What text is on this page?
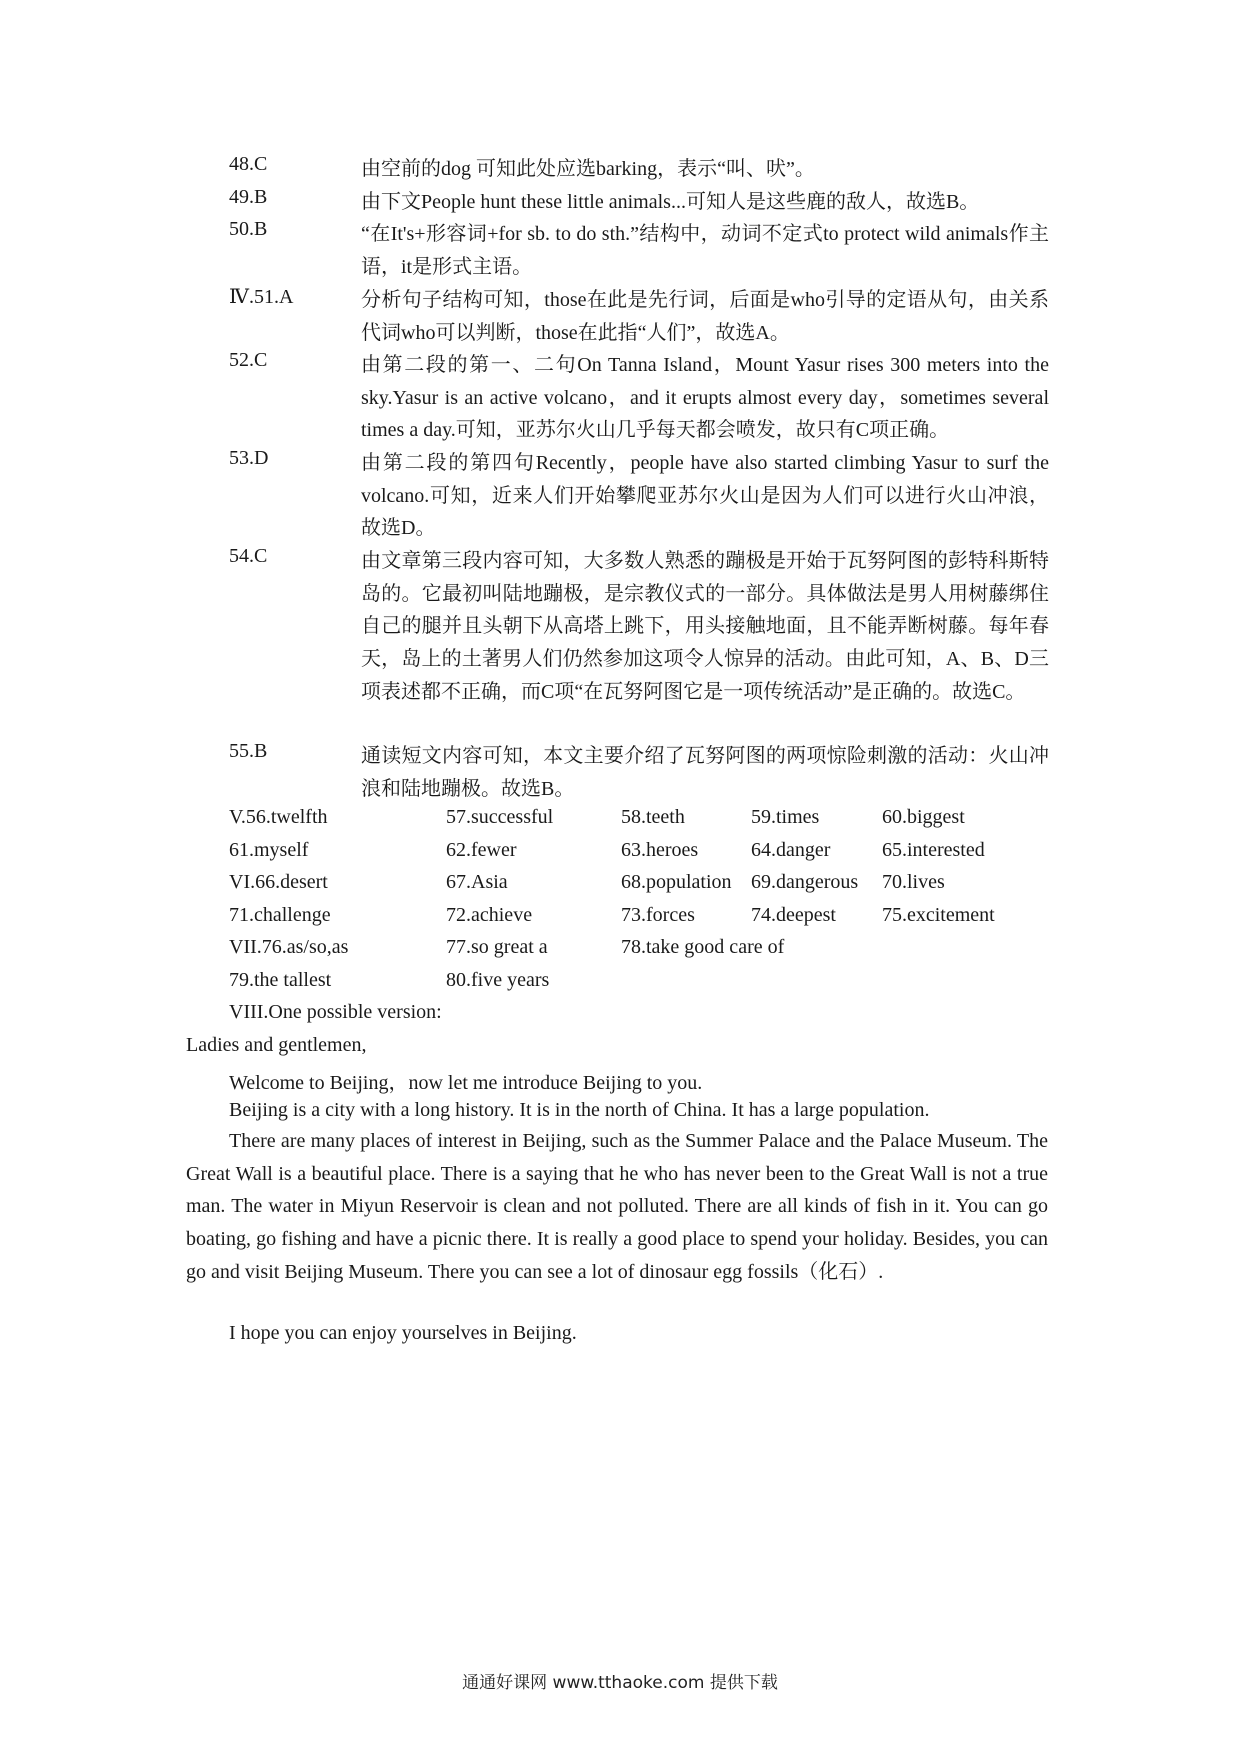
48.C	由空前的dog 可知此处应选barking，表示“叫、吠”。
49.B	由下文People hunt these little animals...可知人是这些鹿的敌人，故选B。
50.B	“在It's+形容词+for sb. to do sth.”结构中，动词不定式to protect wild animals作主语，it是形式主语。
Ⅳ.51.A	分析句子结构可知，those在此是先行词，后面是who引导的定语从句，由关系代词who可以判断，those在此指“人们”，故选A。
52.C	由第二段的第一、二句On Tanna Island，Mount Yasur rises 300 meters into the sky.Yasur is an active volcano，and it erupts almost every day，sometimes several times a day.可知，亚苏尔火山几乎每天都会喷发，故只有C项正确。
53.D	由第二段的第四句Recently，people have also started climbing Yasur to surf the volcano.可知，近来人们开始攀爬亚苏尔火山是因为人们可以进行火山冲浪，故选D。
54.C	由文章第三段内容可知，大多数人熟悉的蹦极是开始于瓦努阿图的彭特科斯特岛的。它最初叫陆地蹦极，是宗教仪式的一部分。具体做法是男人用树藤绑住自己的腿并且头朝下从高塔上跳下，用头接触地面，且不能弄断树藤。每年春天，岛上的土著男人们仍然参加这项令人惊异的活动。由此可知，A、B、D三项表述都不正确，而C项“在瓦努阿图它是一项传统活动”是正确的。故选C。
55.B	通读短文内容可知，本文主要介绍了瓦努阿图的两项惊险刺激的活动：火山冲浪和陆地蹦极。故选B。
V.56.twelfth	57.successful	58.teeth	59.times	60.biggest
61.myself	62.fewer	63.heroes	64.danger	65.interested
VI.66.desert	67.Asia	68.population 69.dangerous 70.lives
71.challenge	72.achieve	73.forces	74.deepest 75.excitement
VII.76.as/so,as	77.so great a	78.take good care of
79.the tallest	80.five years
VIII.One possible version:
Ladies and gentlemen,
Welcome to Beijing，now let me introduce Beijing to you.
Beijing is a city with a long history. It is in the north of China. It has a large population.
There are many places of interest in Beijing, such as the Summer Palace and the Palace Museum. The Great Wall is a beautiful place. There is a saying that he who has never been to the Great Wall is not a true man. The water in Miyun Reservoir is clean and not polluted. There are all kinds of fish in it. You can go boating, go fishing and have a picnic there. It is really a good place to spend your holiday. Besides, you can go and visit Beijing Museum. There you can see a lot of dinosaur egg fossils（化石）.
I hope you can enjoy yourselves in Beijing.
通通好课网 www.tthaoke.com 提供下载
